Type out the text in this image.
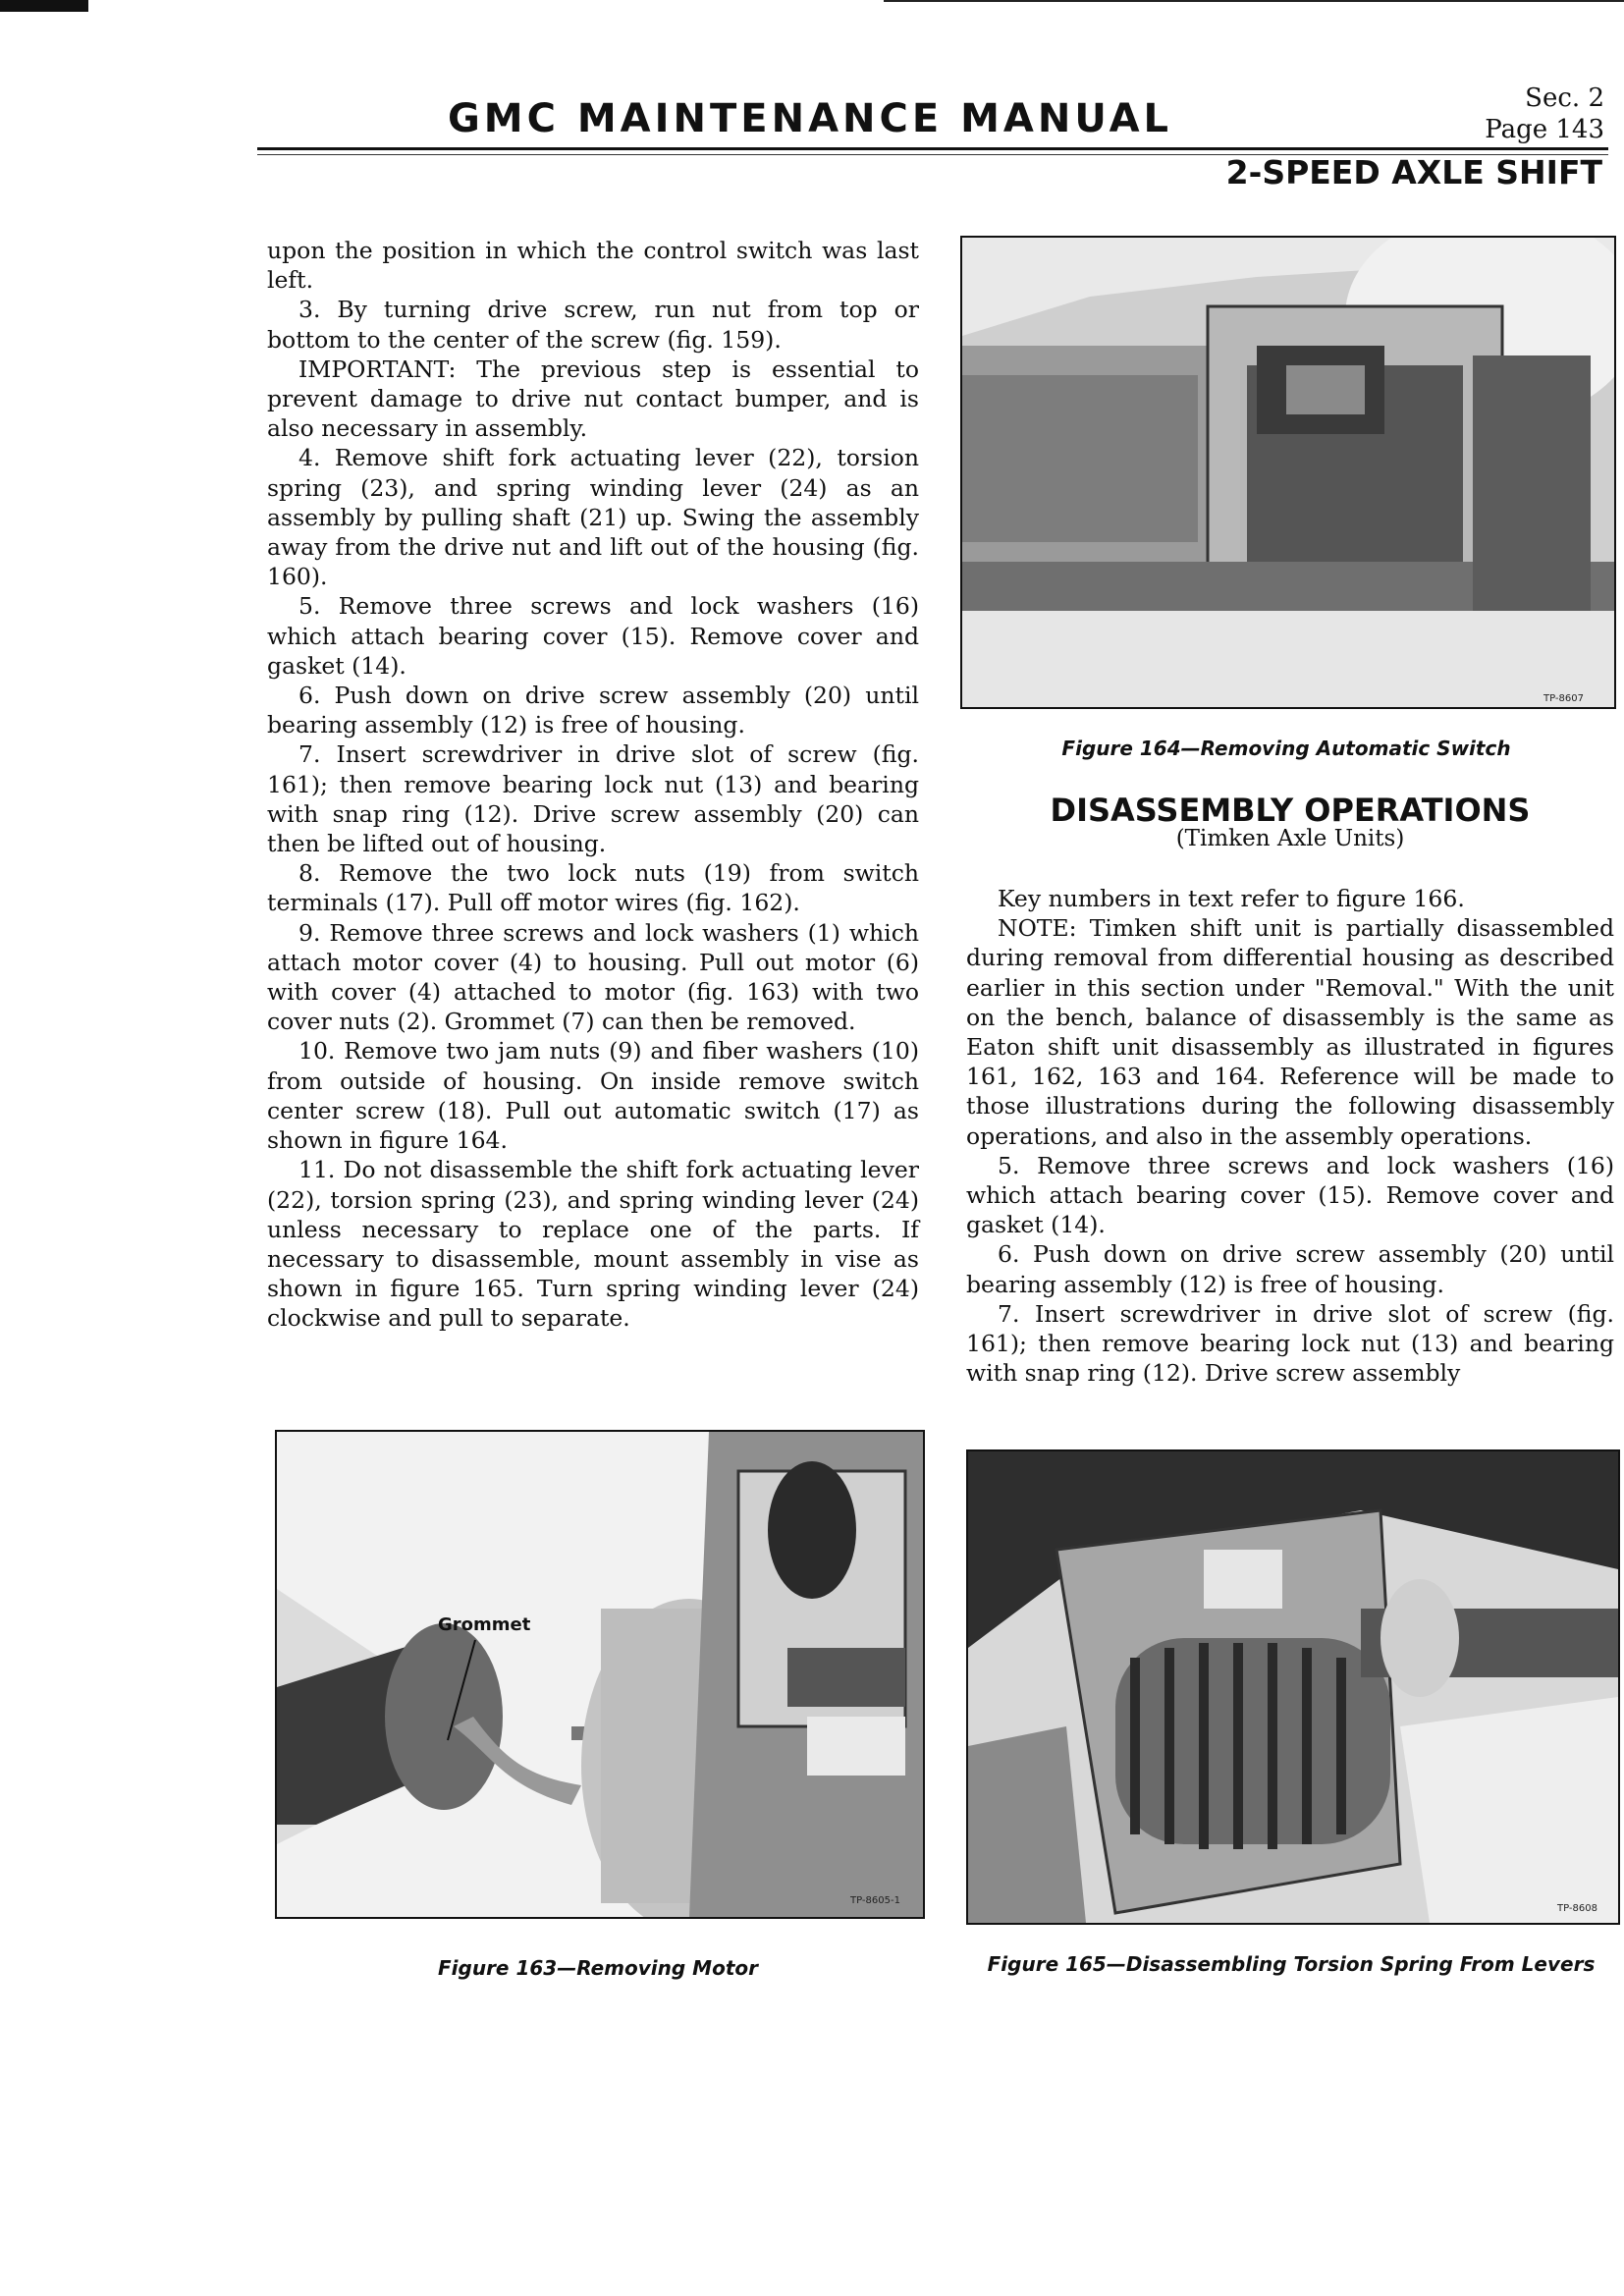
GMC MAINTENANCE MANUAL	Sec. 2
Page 143
2-SPEED AXLE SHIFT

upon the position in which the control switch was last left.

3. By turning drive screw, run nut from top or bottom to the center of the screw (fig. 159).

IMPORTANT: The previous step is essential to prevent damage to drive nut contact bumper, and is also necessary in assembly.

4. Remove shift fork actuating lever (22), torsion spring (23), and spring winding lever (24) as an assembly by pulling shaft (21) up. Swing the assembly away from the drive nut and lift out of the housing (fig. 160).

5. Remove three screws and lock washers (16) which attach bearing cover (15). Remove cover and gasket (14).

6. Push down on drive screw assembly (20) until bearing assembly (12) is free of housing.

7. Insert screwdriver in drive slot of screw (fig. 161); then remove bearing lock nut (13) and bearing with snap ring (12). Drive screw assembly (20) can then be lifted out of housing.

8. Remove the two lock nuts (19) from switch terminals (17). Pull off motor wires (fig. 162).

9. Remove three screws and lock washers (1) which attach motor cover (4) to housing. Pull out motor (6) with cover (4) attached to motor (fig. 163) with two cover nuts (2). Grommet (7) can then be removed.

10. Remove two jam nuts (9) and fiber washers (10) from outside of housing. On inside remove switch center screw (18). Pull out automatic switch (17) as shown in figure 164.

11. Do not disassemble the shift fork actuating lever (22), torsion spring (23), and spring winding lever (24) unless necessary to replace one of the parts. If necessary to disassemble, mount assembly in vise as shown in figure 165. Turn spring winding lever (24) clockwise and pull to separate.

TP-8607
Figure 164—Removing Automatic Switch
DISASSEMBLY OPERATIONS
(Timken Axle Units)

Key numbers in text refer to figure 166.

NOTE: Timken shift unit is partially disassembled during removal from differential housing as described earlier in this section under "Removal." With the unit on the bench, balance of disassembly is the same as Eaton shift unit disassembly as illustrated in figures 161, 162, 163 and 164. Reference will be made to those illustrations during the following disassembly operations, and also in the assembly operations.

5. Remove three screws and lock washers (16) which attach bearing cover (15). Remove cover and gasket (14).

6. Push down on drive screw assembly (20) until bearing assembly (12) is free of housing.

7. Insert screwdriver in drive slot of screw (fig. 161); then remove bearing lock nut (13) and bearing with snap ring (12). Drive screw assembly

Grommet
TP-8605-1
Figure 163—Removing Motor
TP-8608
Figure 165—Disassembling Torsion Spring From Levers
